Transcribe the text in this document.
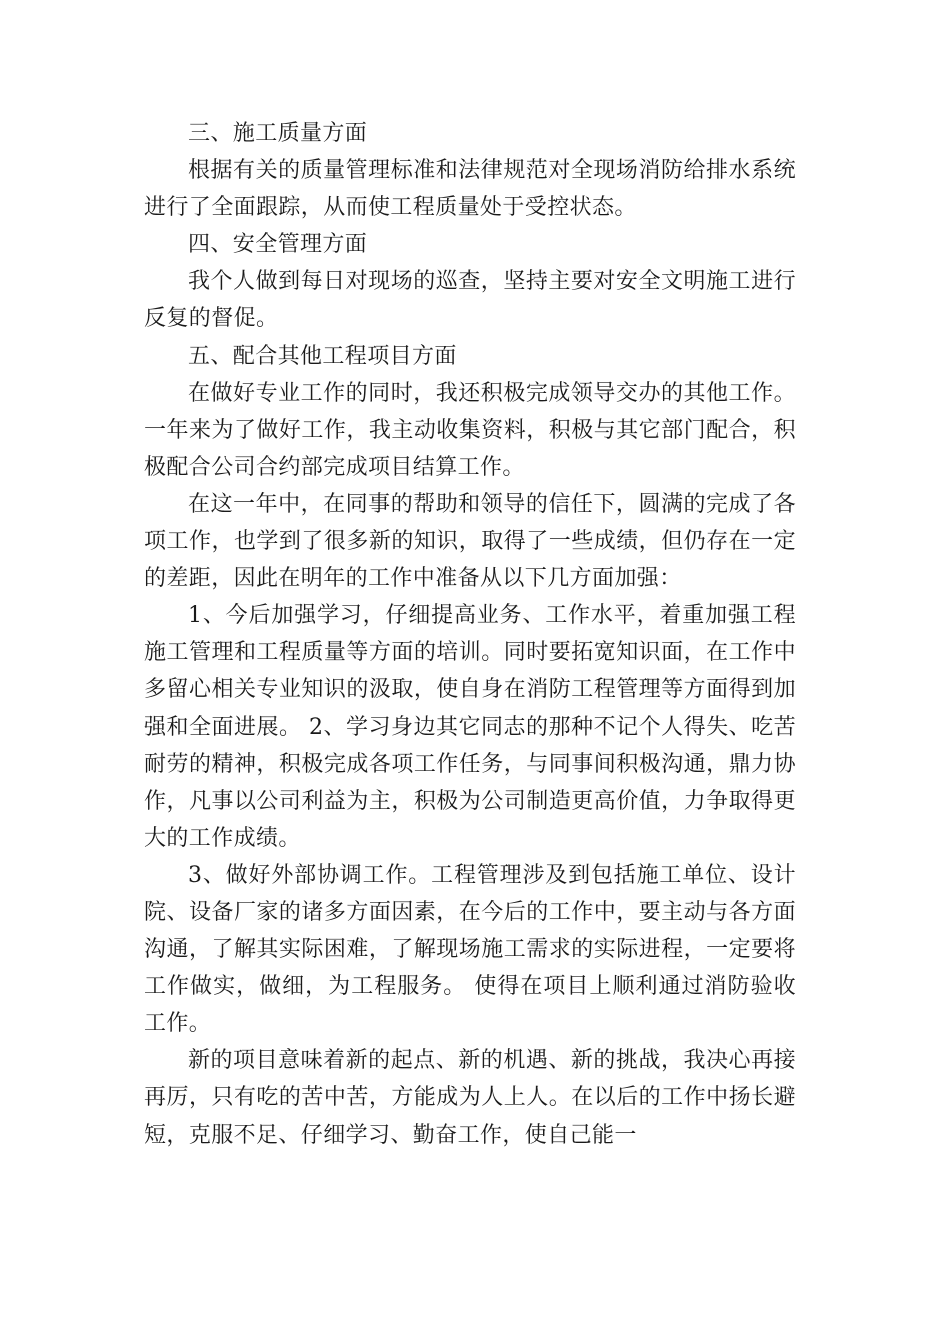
三、施工质量方面

根据有关的质量管理标准和法律规范对全现场消防给排水系统进行了全面跟踪，从而使工程质量处于受控状态。

四、安全管理方面

我个人做到每日对现场的巡查，坚持主要对安全文明施工进行反复的督促。

五、配合其他工程项目方面

在做好专业工作的同时，我还积极完成领导交办的其他工作。一年来为了做好工作，我主动收集资料，积极与其它部门配合，积极配合公司合约部完成项目结算工作。

在这一年中，在同事的帮助和领导的信任下，圆满的完成了各项工作，也学到了很多新的知识，取得了一些成绩，但仍存在一定的差距，因此在明年的工作中准备从以下几方面加强：

1、今后加强学习，仔细提高业务、工作水平，着重加强工程施工管理和工程质量等方面的培训。同时要拓宽知识面，在工作中多留心相关专业知识的汲取，使自身在消防工程管理等方面得到加强和全面进展。 2、学习身边其它同志的那种不记个人得失、吃苦耐劳的精神，积极完成各项工作任务，与同事间积极沟通，鼎力协作，凡事以公司利益为主，积极为公司制造更高价值，力争取得更大的工作成绩。

3、做好外部协调工作。工程管理涉及到包括施工单位、设计院、设备厂家的诸多方面因素，在今后的工作中，要主动与各方面沟通，了解其实际困难，了解现场施工需求的实际进程，一定要将工作做实，做细，为工程服务。 使得在项目上顺利通过消防验收工作。

新的项目意味着新的起点、新的机遇、新的挑战，我决心再接再厉，只有吃的苦中苦，方能成为人上人。在以后的工作中扬长避短，克服不足、仔细学习、勤奋工作，使自己能一
